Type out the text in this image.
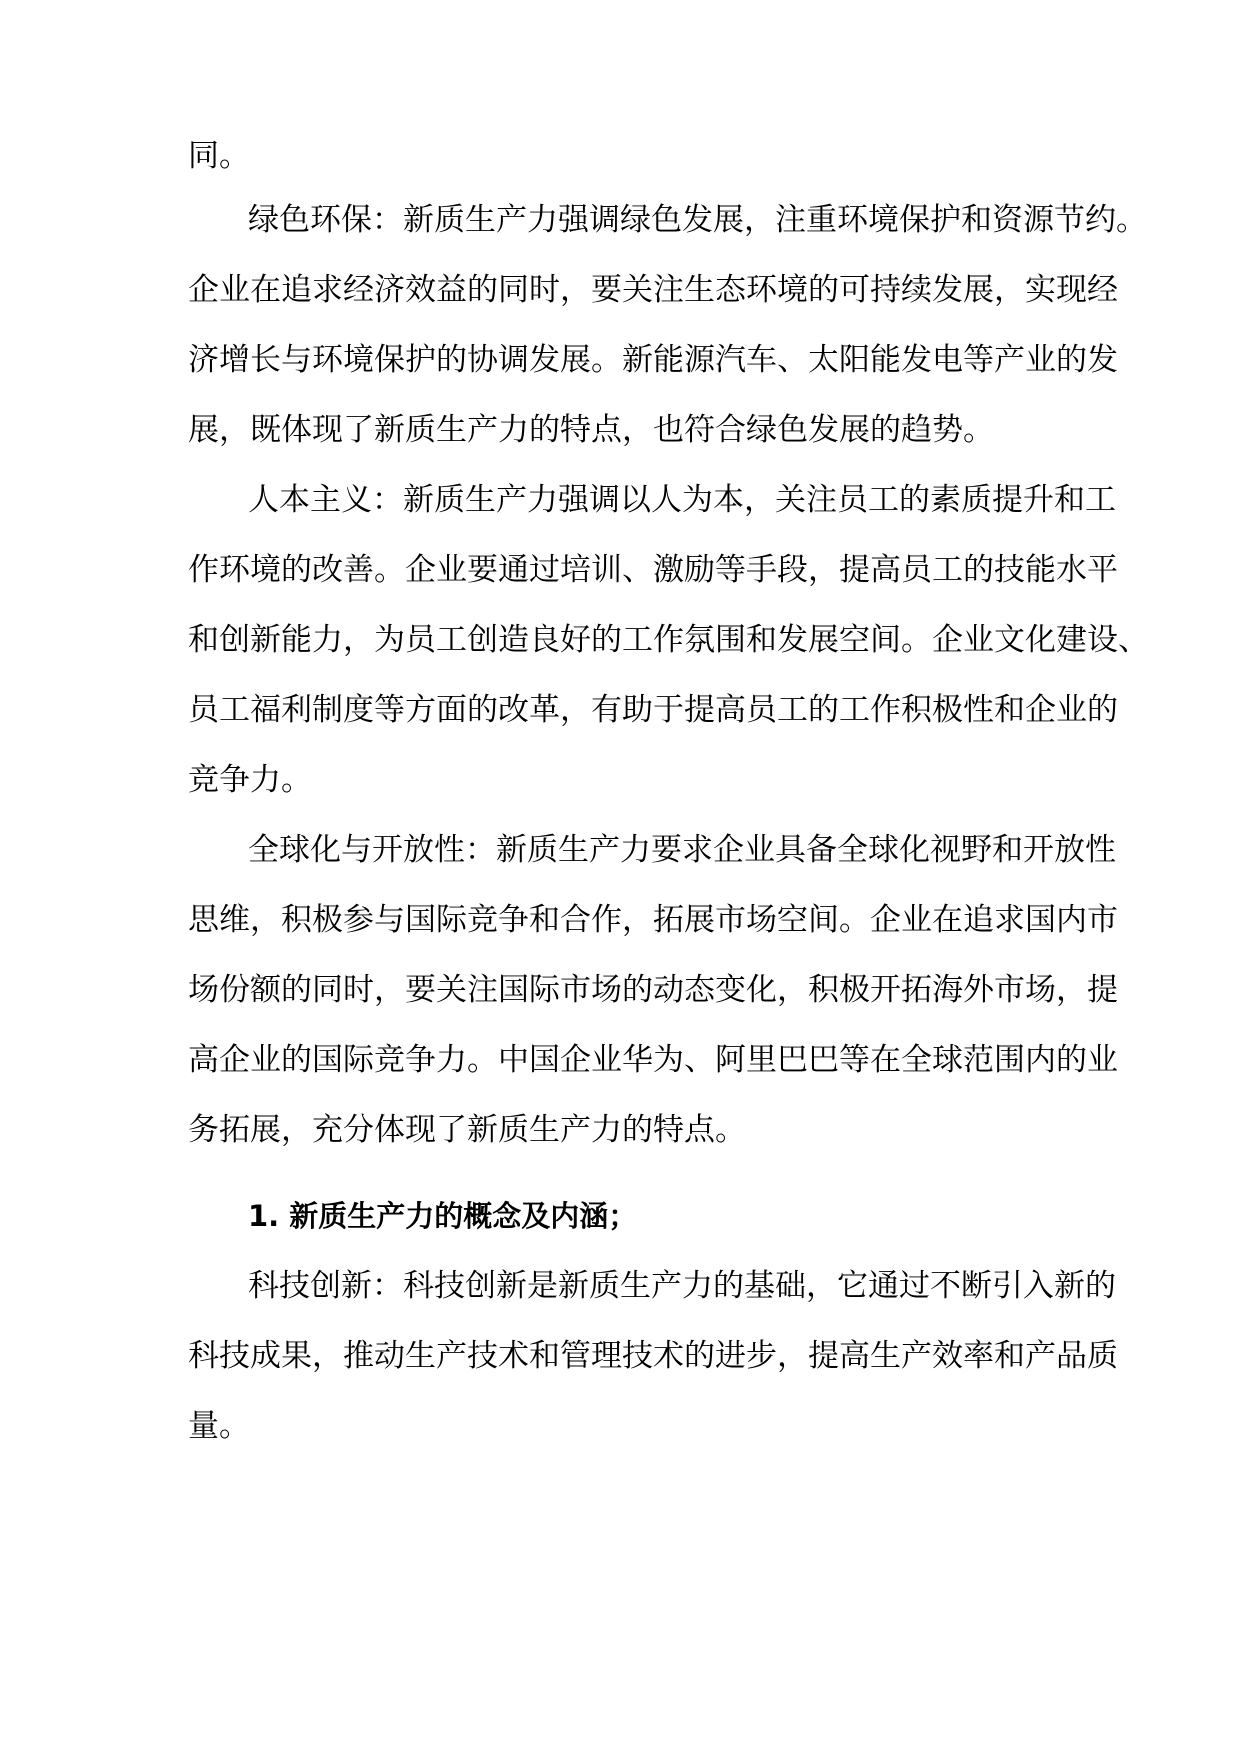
同。
绿色环保：新质生产力强调绿色发展，注重环境保护和资源节约。
企业在追求经济效益的同时，要关注生态环境的可持续发展，实现经
济增长与环境保护的协调发展。新能源汽车、太阳能发电等产业的发
展，既体现了新质生产力的特点，也符合绿色发展的趋势。
人本主义：新质生产力强调以人为本，关注员工的素质提升和工
作环境的改善。企业要通过培训、激励等手段，提高员工的技能水平
和创新能力，为员工创造良好的工作氛围和发展空间。企业文化建设、
员工福利制度等方面的改革，有助于提高员工的工作积极性和企业的
竞争力。
全球化与开放性：新质生产力要求企业具备全球化视野和开放性
思维，积极参与国际竞争和合作，拓展市场空间。企业在追求国内市
场份额的同时，要关注国际市场的动态变化，积极开拓海外市场，提
高企业的国际竞争力。中国企业华为、阿里巴巴等在全球范围内的业
务拓展，充分体现了新质生产力的特点。
1. 新质生产力的概念及内涵；
科技创新：科技创新是新质生产力的基础，它通过不断引入新的
科技成果，推动生产技术和管理技术的进步，提高生产效率和产品质
量。
